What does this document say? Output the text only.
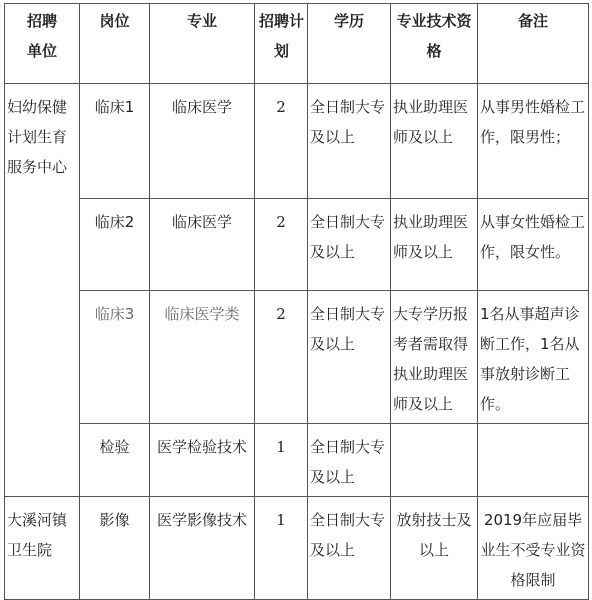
招聘单位	岗位	专业	招聘计划	学历	专业技术资格	备注

妇幼保健计划生育服务中心	临床1	临床医学	2	全日制大专及以上	执业助理医师及以上	从事男性婚检工作，限男性；

	临床2	临床医学	2	全日制大专及以上	执业助理医师及以上	从事女性婚检工作，限女性。

	临床3	临床医学类	2	全日制大专及以上	大专学历报考者需取得执业助理医师及以上	1名从事超声诊断工作，1名从事放射诊断工作。

	检验	医学检验技术	1	全日制大专及以上		

大溪河镇卫生院	影像	医学影像技术	1	全日制大专及以上	放射技士及以上	2019年应届毕业生不受专业资格限制
